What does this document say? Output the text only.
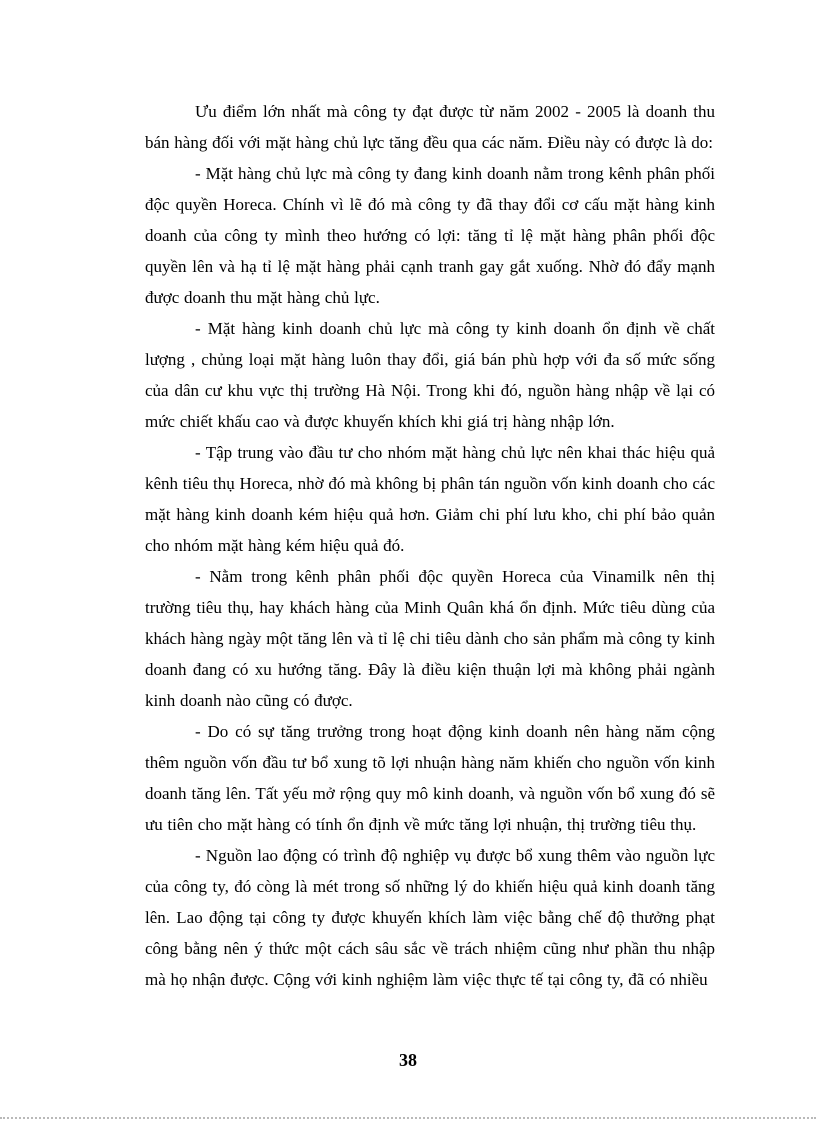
Ưu điểm lớn nhất mà công ty đạt được từ năm 2002 - 2005 là doanh thu bán hàng đối với mặt hàng chủ lực tăng đều qua các năm. Điều này có được là do:

- Mặt hàng chủ lực mà công ty đang kinh doanh nằm trong kênh phân phối độc quyền Horeca. Chính vì lẽ đó mà công ty đã thay đổi cơ cấu mặt hàng kinh doanh của công ty mình theo hướng có lợi: tăng tỉ lệ mặt hàng phân phối độc quyền lên và hạ tỉ lệ mặt hàng phải cạnh tranh gay gắt xuống. Nhờ đó đẩy mạnh được doanh thu mặt hàng chủ lực.

- Mặt hàng kinh doanh chủ lực mà công ty kinh doanh ổn định về chất lượng , chủng loại mặt hàng luôn thay đổi, giá bán phù hợp với đa số mức sống của dân cư khu vực thị trường Hà Nội. Trong khi đó, nguồn hàng nhập về lại có mức chiết khấu cao và được khuyến khích khi giá trị hàng nhập lớn.

- Tập trung vào đầu tư cho nhóm mặt hàng chủ lực nên khai thác hiệu quả kênh tiêu thụ Horeca, nhờ đó mà không bị phân tán nguồn vốn kinh doanh cho các mặt hàng kinh doanh kém hiệu quả hơn. Giảm chi phí lưu kho, chi phí bảo quản cho nhóm mặt hàng kém hiệu quả đó.

- Nằm trong kênh phân phối độc quyền Horeca của Vinamilk nên thị trường tiêu thụ, hay khách hàng của Minh Quân khá ổn định. Mức tiêu dùng của khách hàng ngày một tăng lên và tỉ lệ chi tiêu dành cho sản phẩm mà công ty kinh doanh đang có xu hướng tăng. Đây là điều kiện thuận lợi mà không phải ngành kinh doanh nào cũng có được.

- Do có sự tăng trưởng trong hoạt động kinh doanh nên hàng năm cộng thêm nguồn vốn đầu tư bổ xung tõ lợi nhuận hàng năm khiến cho nguồn vốn kinh doanh tăng lên. Tất yếu mở rộng quy mô kinh doanh, và nguồn vốn bổ xung đó sẽ ưu tiên cho mặt hàng có tính ổn định về mức tăng lợi nhuận, thị trường tiêu thụ.

- Nguồn lao động có trình độ nghiệp vụ được bổ xung thêm vào nguồn lực của công ty, đó còng là mét trong số những lý do khiến hiệu quả kinh doanh tăng lên. Lao động tại công ty được khuyến khích làm việc bằng chế độ thưởng phạt công bằng nên ý thức một cách sâu sắc về trách nhiệm cũng như phần thu nhập mà họ nhận được. Cộng với kinh nghiệm làm việc thực tế tại công ty, đã có nhiều

38
